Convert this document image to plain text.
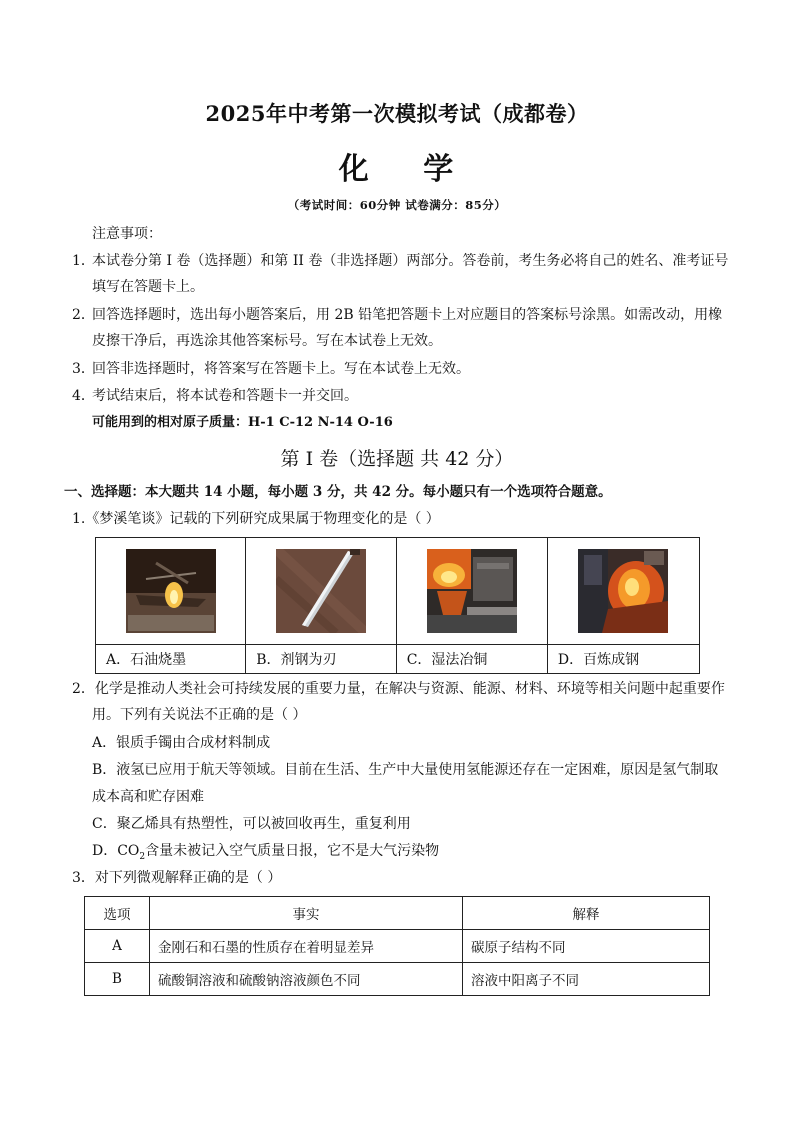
2025年中考第一次模拟考试（成都卷）
化 学
（考试时间：60分钟 试卷满分：85分）
注意事项：
1．
本试卷分第 I 卷（选择题）和第 II 卷（非选择题）两部分。答卷前，考生务必将自己的姓名、准考证号
填写在答题卡上。
2．
回答选择题时，选出每小题答案后，用 2B 铅笔把答题卡上对应题目的答案标号涂黑。如需改动，用橡
皮擦干净后，再选涂其他答案标号。写在本试卷上无效。
3．
回答非选择题时，将答案写在答题卡上。写在本试卷上无效。
4．
考试结束后，将本试卷和答题卡一并交回。
可能用到的相对原子质量：H-1 C-12 N-14 O-16
第 I 卷（选择题 共 42 分）
一、选择题：本大题共 14 小题，每小题 3 分，共 42 分。每小题只有一个选项符合题意。
1.《梦溪笔谈》记载的下列研究成果属于物理变化的是（ ）

A．石油烧墨	B．剂钢为刃	C．湿法冶铜	D．百炼成钢
2．化学是推动人类社会可持续发展的重要力量，在解决与资源、能源、材料、环境等相关问题中起重要作
用。下列有关说法不正确的是（ ）
A．银质手镯由合成材料制成
B．液氢已应用于航天等领域。目前在生活、生产中大量使用氢能源还存在一定困难，原因是氢气制取
成本高和贮存困难
C．聚乙烯具有热塑性，可以被回收再生，重复利用
D．$CO_2$含量未被记入空气质量日报，它不是大气污染物
3．对下列微观解释正确的是（ ）
选项	事实	解释
A	金刚石和石墨的性质存在着明显差异	碳原子结构不同
B	硫酸铜溶液和硫酸钠溶液颜色不同	溶液中阳离子不同
